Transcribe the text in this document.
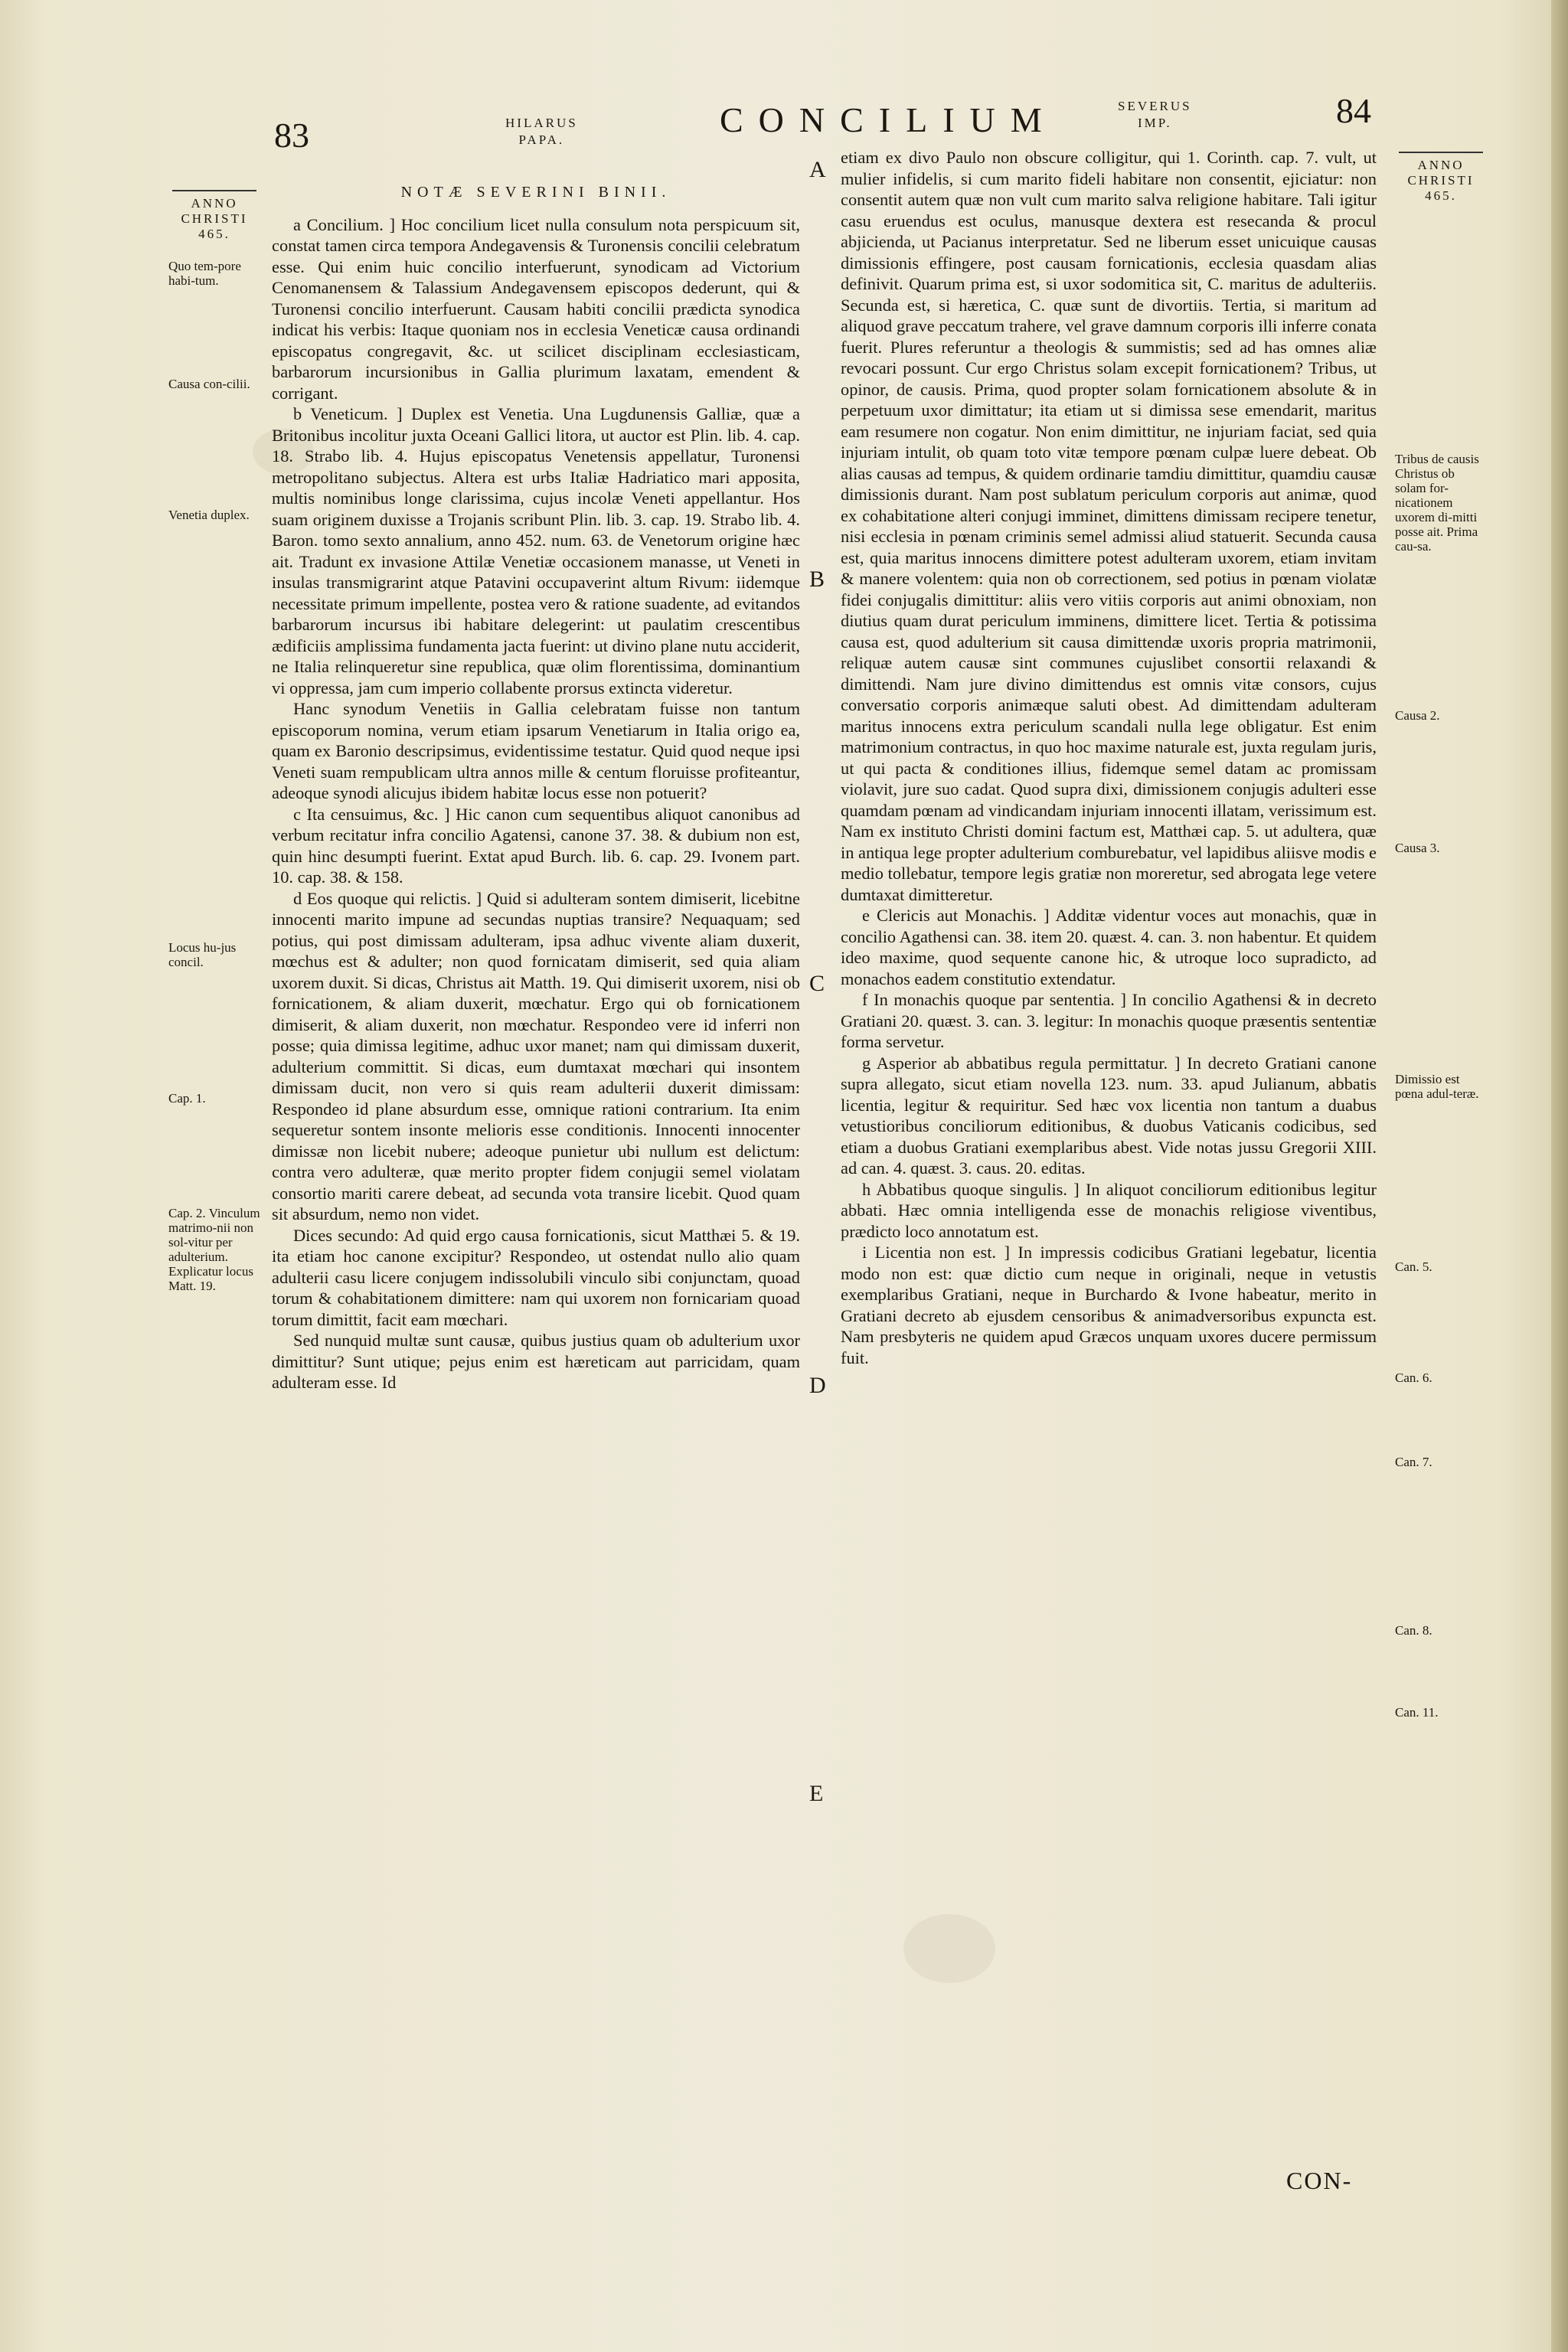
83
84
HILARUS
PAPA.
CONCILIUM	SEVERUS
IMP.
ANNO
CHRISTI
465.
Quo tem-pore habi-tum.
Causa con-cilii.
Venetia duplex.
Locus hu-jus concil.
Cap. 1.
Cap. 2. Vinculum matrimo-nii non sol-vitur per adulterium. Explicatur locus Matt. 19.
ANNO
CHRISTI
465.
Tribus de causis Christus ob solam for-nicationem uxorem di-mitti posse ait. Prima cau-sa.
Causa 2.
Causa 3.
Dimissio est pœna adul-teræ.
Can. 5.
Can. 6.
Can. 7.
Can. 8.
Can. 11.
A
B
C
D
E

NOTÆ SEVERINI BINII.

a Concilium. ] Hoc concilium licet nulla consulum nota perspicuum sit, constat tamen circa tempora Andegavensis & Turonensis concilii celebratum esse. Qui enim huic concilio interfuerunt, synodicam ad Victorium Cenomanensem & Talassium Andegavensem episcopos dederunt, qui & Turonensi concilio interfuerunt. Causam habiti concilii prædicta synodica indicat his verbis: Itaque quoniam nos in ecclesia Veneticæ causa ordinandi episcopatus congregavit, &c. ut scilicet disciplinam ecclesiasticam, barbarorum incursionibus in Gallia plurimum laxatam, emendent & corrigant.

b Veneticum. ] Duplex est Venetia. Una Lugdunensis Galliæ, quæ a Britonibus incolitur juxta Oceani Gallici litora, ut auctor est Plin. lib. 4. cap. 18. Strabo lib. 4. Hujus episcopatus Venetensis appellatur, Turonensi metropolitano subjectus. Altera est urbs Italiæ Hadriatico mari apposita, multis nominibus longe clarissima, cujus incolæ Veneti appellantur. Hos suam originem duxisse a Trojanis scribunt Plin. lib. 3. cap. 19. Strabo lib. 4. Baron. tomo sexto annalium, anno 452. num. 63. de Venetorum origine hæc ait. Tradunt ex invasione Attilæ Venetiæ occasionem manasse, ut Veneti in insulas transmigrarint atque Patavini occupaverint altum Rivum: iidemque necessitate primum impellente, postea vero & ratione suadente, ad evitandos barbarorum incursus ibi habitare delegerint: ut paulatim crescentibus ædificiis amplissima fundamenta jacta fuerint: ut divino plane nutu acciderit, ne Italia relinqueretur sine republica, quæ olim florentissima, dominantium vi oppressa, jam cum imperio collabente prorsus extincta videretur.

Hanc synodum Venetiis in Gallia celebratam fuisse non tantum episcoporum nomina, verum etiam ipsarum Venetiarum in Italia origo ea, quam ex Baronio descripsimus, evidentissime testatur. Quid quod neque ipsi Veneti suam rempublicam ultra annos mille & centum floruisse profiteantur, adeoque synodi alicujus ibidem habitæ locus esse non potuerit?

c Ita censuimus, &c. ] Hic canon cum sequentibus aliquot canonibus ad verbum recitatur infra concilio Agatensi, canone 37. 38. & dubium non est, quin hinc desumpti fuerint. Extat apud Burch. lib. 6. cap. 29. Ivonem part. 10. cap. 38. & 158.

d Eos quoque qui relictis. ] Quid si adulteram sontem dimiserit, licebitne innocenti marito impune ad secundas nuptias transire? Nequaquam; sed potius, qui post dimissam adulteram, ipsa adhuc vivente aliam duxerit, mœchus est & adulter; non quod fornicatam dimiserit, sed quia aliam uxorem duxit. Si dicas, Christus ait Matth. 19. Qui dimiserit uxorem, nisi ob fornicationem, & aliam duxerit, mœchatur. Ergo qui ob fornicationem dimiserit, & aliam duxerit, non mœchatur. Respondeo vere id inferri non posse; quia dimissa legitime, adhuc uxor manet; nam qui dimissam duxerit, adulterium committit. Si dicas, eum dumtaxat mœchari qui insontem dimissam ducit, non vero si quis ream adulterii duxerit dimissam: Respondeo id plane absurdum esse, omnique rationi contrarium. Ita enim sequeretur sontem insonte melioris esse conditionis. Innocenti innocenter dimissæ non licebit nubere; adeoque punietur ubi nullum est delictum: contra vero adulteræ, quæ merito propter fidem conjugii semel violatam consortio mariti carere debeat, ad secunda vota transire licebit. Quod quam sit absurdum, nemo non videt.

Dices secundo: Ad quid ergo causa fornicationis, sicut Matthæi 5. & 19. ita etiam hoc canone excipitur? Respondeo, ut ostendat nullo alio quam adulterii casu licere conjugem indissolubili vinculo sibi conjunctam, quoad torum & cohabitationem dimittere: nam qui uxorem non fornicariam quoad torum dimittit, facit eam mœchari.

Sed nunquid multæ sunt causæ, quibus justius quam ob adulterium uxor dimittitur? Sunt utique; pejus enim est hæreticam aut parricidam, quam adulteram esse. Id

etiam ex divo Paulo non obscure colligitur, qui 1. Corinth. cap. 7. vult, ut mulier infidelis, si cum marito fideli habitare non consentit, ejiciatur: non consentit autem quæ non vult cum marito salva religione habitare. Tali igitur casu eruendus est oculus, manusque dextera est resecanda & procul abjicienda, ut Pacianus interpretatur. Sed ne liberum esset unicuique causas dimissionis effingere, post causam fornicationis, ecclesia quasdam alias definivit. Quarum prima est, si uxor sodomitica sit, C. maritus de adulteriis. Secunda est, si hæretica, C. quæ sunt de divortiis. Tertia, si maritum ad aliquod grave peccatum trahere, vel grave damnum corporis illi inferre conata fuerit. Plures referuntur a theologis & summistis; sed ad has omnes aliæ revocari possunt. Cur ergo Christus solam excepit fornicationem? Tribus, ut opinor, de causis. Prima, quod propter solam fornicationem absolute & in perpetuum uxor dimittatur; ita etiam ut si dimissa sese emendarit, maritus eam resumere non cogatur. Non enim dimittitur, ne injuriam faciat, sed quia injuriam intulit, ob quam toto vitæ tempore pœnam culpæ luere debeat. Ob alias causas ad tempus, & quidem ordinarie tamdiu dimittitur, quamdiu causæ dimissionis durant. Nam post sublatum periculum corporis aut animæ, quod ex cohabitatione alteri conjugi imminet, dimittens dimissam recipere tenetur, nisi ecclesia in pœnam criminis semel admissi aliud statuerit. Secunda causa est, quia maritus innocens dimittere potest adulteram uxorem, etiam invitam & manere volentem: quia non ob correctionem, sed potius in pœnam violatæ fidei conjugalis dimittitur: aliis vero vitiis corporis aut animi obnoxiam, non diutius quam durat periculum imminens, dimittere licet. Tertia & potissima causa est, quod adulterium sit causa dimittendæ uxoris propria matrimonii, reliquæ autem causæ sint communes cujuslibet consortii relaxandi & dimittendi. Nam jure divino dimittendus est omnis vitæ consors, cujus conversatio corporis animæque saluti obest. Ad dimittendam adulteram maritus innocens extra periculum scandali nulla lege obligatur. Est enim matrimonium contractus, in quo hoc maxime naturale est, juxta regulam juris, ut qui pacta & conditiones illius, fidemque semel datam ac promissam violavit, jure suo cadat. Quod supra dixi, dimissionem conjugis adulteri esse quamdam pœnam ad vindicandam injuriam innocenti illatam, verissimum est. Nam ex instituto Christi domini factum est, Matthæi cap. 5. ut adultera, quæ in antiqua lege propter adulterium comburebatur, vel lapidibus aliisve modis e medio tollebatur, tempore legis gratiæ non moreretur, sed abrogata lege vetere dumtaxat dimitteretur.

e Clericis aut Monachis. ] Additæ videntur voces aut monachis, quæ in concilio Agathensi can. 38. item 20. quæst. 4. can. 3. non habentur. Et quidem ideo maxime, quod sequente canone hic, & utroque loco supradicto, ad monachos eadem constitutio extendatur.

f In monachis quoque par sententia. ] In concilio Agathensi & in decreto Gratiani 20. quæst. 3. can. 3. legitur: In monachis quoque præsentis sententiæ forma servetur.

g Asperior ab abbatibus regula permittatur. ] In decreto Gratiani canone supra allegato, sicut etiam novella 123. num. 33. apud Julianum, abbatis licentia, legitur & requiritur. Sed hæc vox licentia non tantum a duabus vetustioribus conciliorum editionibus, & duobus Vaticanis codicibus, sed etiam a duobus Gratiani exemplaribus abest. Vide notas jussu Gregorii XIII. ad can. 4. quæst. 3. caus. 20. editas.

h Abbatibus quoque singulis. ] In aliquot conciliorum editionibus legitur abbati. Hæc omnia intelligenda esse de monachis religiose viventibus, prædicto loco annotatum est.

i Licentia non est. ] In impressis codicibus Gratiani legebatur, licentia modo non est: quæ dictio cum neque in originali, neque in vetustis exemplaribus Gratiani, neque in Burchardo & Ivone habeatur, merito in Gratiani decreto ab ejusdem censoribus & animadversoribus expuncta est. Nam presbyteris ne quidem apud Græcos unquam uxores ducere permissum fuit.

CON-
